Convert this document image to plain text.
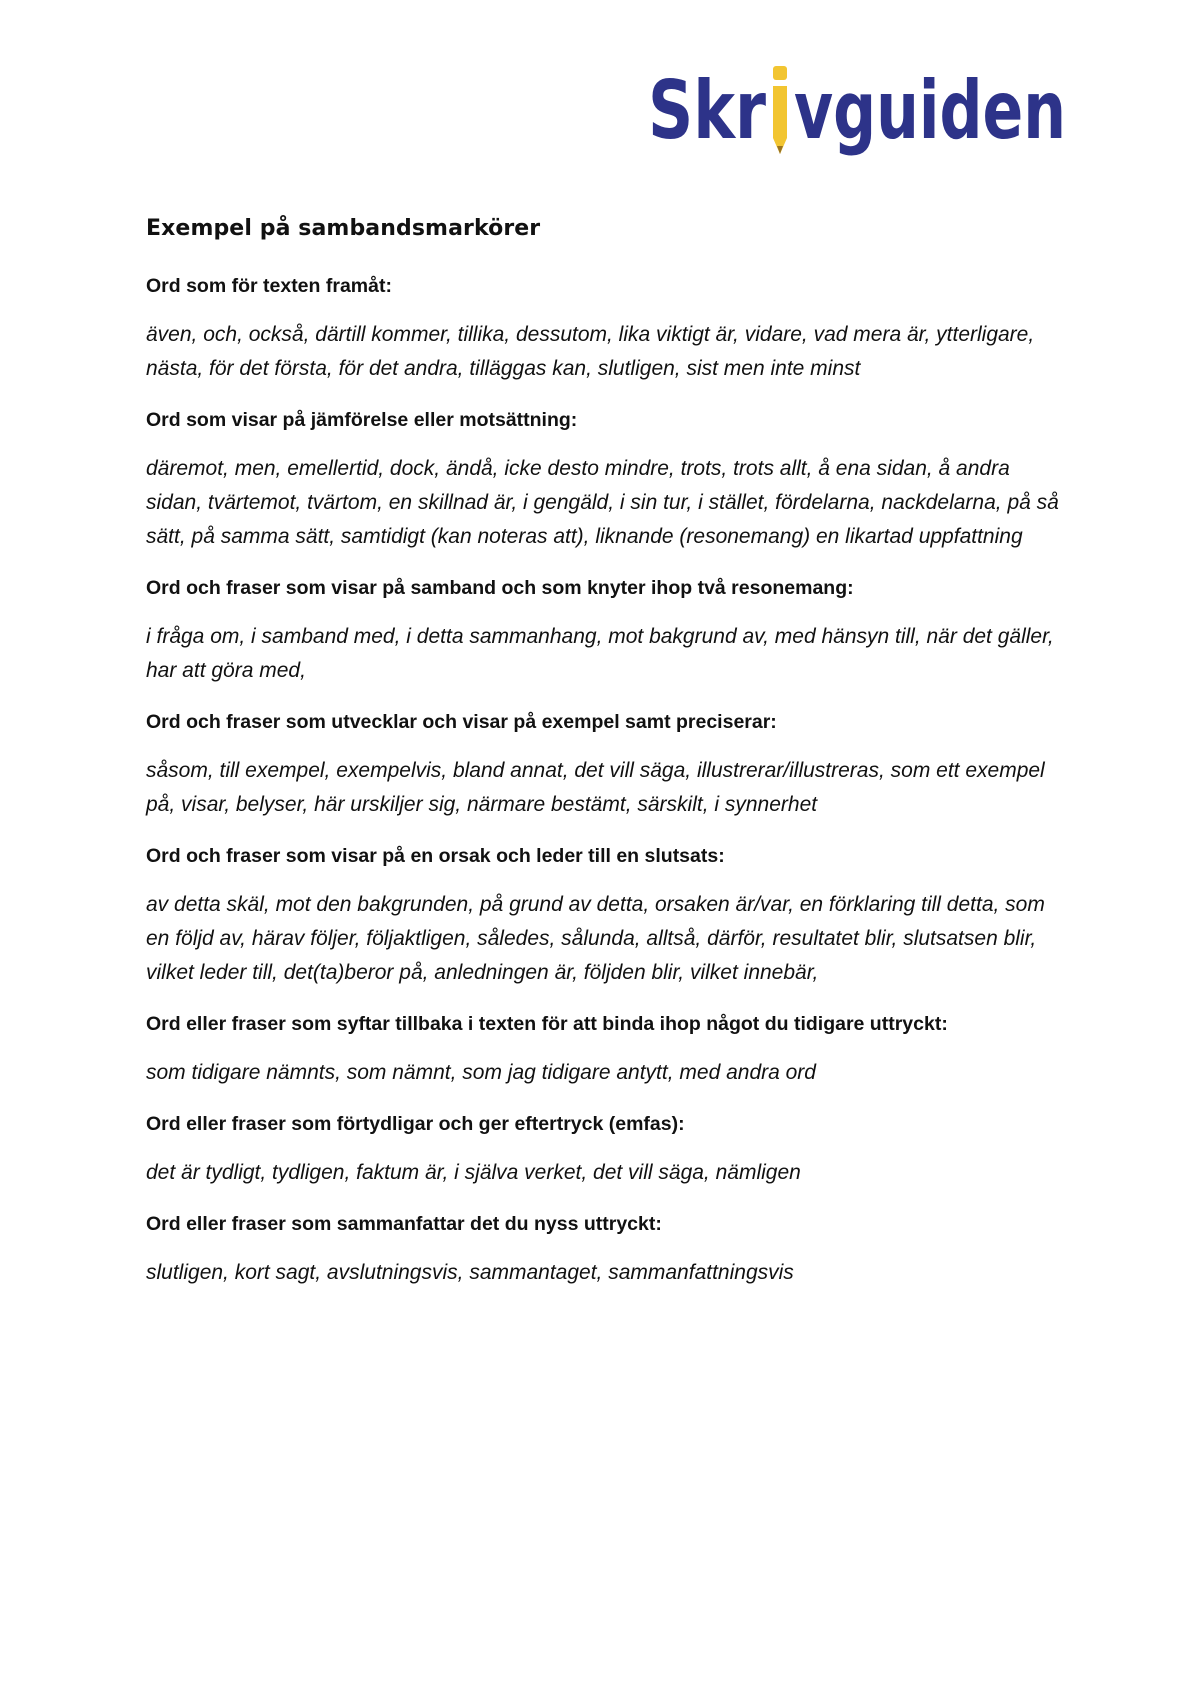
Skr vguiden
Exempel på sambandsmarkörer

Ord som för texten framåt:

även, och, också, därtill kommer, tillika, dessutom, lika viktigt är, vidare, vad mera är, ytterligare, nästa, för det första, för det andra, tilläggas kan, slutligen, sist men inte minst

Ord som visar på jämförelse eller motsättning:

däremot, men, emellertid, dock, ändå, icke desto mindre, trots, trots allt, å ena sidan, å andra sidan, tvärtemot, tvärtom, en skillnad är, i gengäld, i sin tur, i stället, fördelarna, nackdelarna, på så sätt, på samma sätt, samtidigt (kan noteras att), liknande (resonemang) en likartad uppfattning

Ord och fraser som visar på samband och som knyter ihop två resonemang:

i fråga om, i samband med, i detta sammanhang, mot bakgrund av, med hänsyn till, när det gäller, har att göra med,

Ord och fraser som utvecklar och visar på exempel samt preciserar:

såsom, till exempel, exempelvis, bland annat, det vill säga, illustrerar/illustreras, som ett exempel på, visar, belyser, här urskiljer sig, närmare bestämt, särskilt, i synnerhet

Ord och fraser som visar på en orsak och leder till en slutsats:

av detta skäl, mot den bakgrunden, på grund av detta, orsaken är/var, en förklaring till detta, som en följd av, härav följer, följaktligen, således, sålunda, alltså, därför, resultatet blir, slutsatsen blir, vilket leder till, det(ta)beror på, anledningen är, följden blir, vilket innebär,

Ord eller fraser som syftar tillbaka i texten för att binda ihop något du tidigare uttryckt:

som tidigare nämnts, som nämnt, som jag tidigare antytt, med andra ord

Ord eller fraser som förtydligar och ger eftertryck (emfas):

det är tydligt, tydligen, faktum är, i själva verket, det vill säga, nämligen

Ord eller fraser som sammanfattar det du nyss uttryckt:

slutligen, kort sagt, avslutningsvis, sammantaget, sammanfattningsvis
